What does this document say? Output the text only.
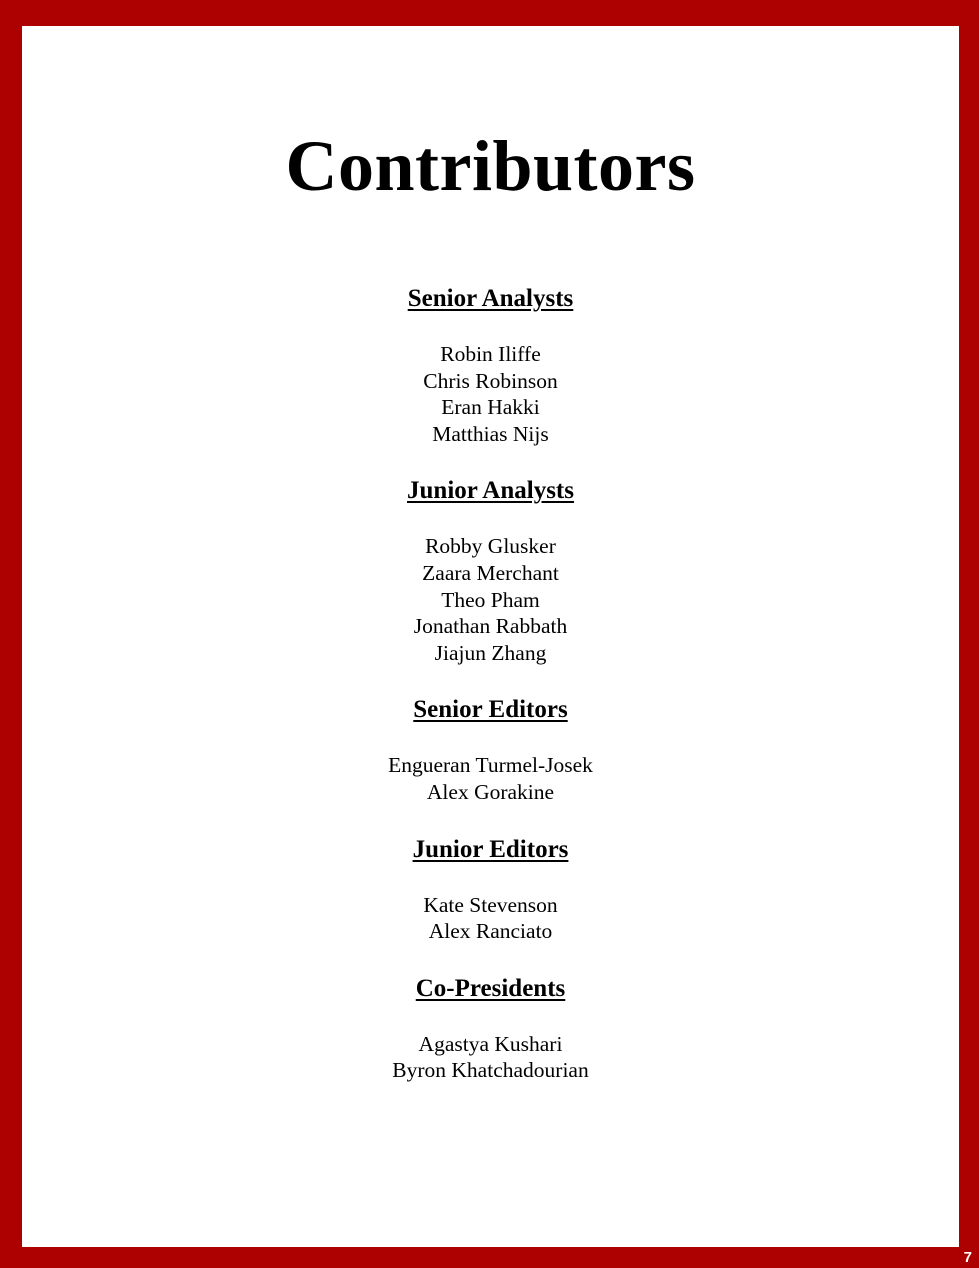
Contributors
Senior Analysts
Robin Iliffe
Chris Robinson
Eran Hakki
Matthias Nijs
Junior Analysts
Robby Glusker
Zaara Merchant
Theo Pham
Jonathan Rabbath
Jiajun Zhang
Senior Editors
Engueran Turmel-Josek
Alex Gorakine
Junior Editors
Kate Stevenson
Alex Ranciato
Co-Presidents
Agastya Kushari
Byron Khatchadourian
7
